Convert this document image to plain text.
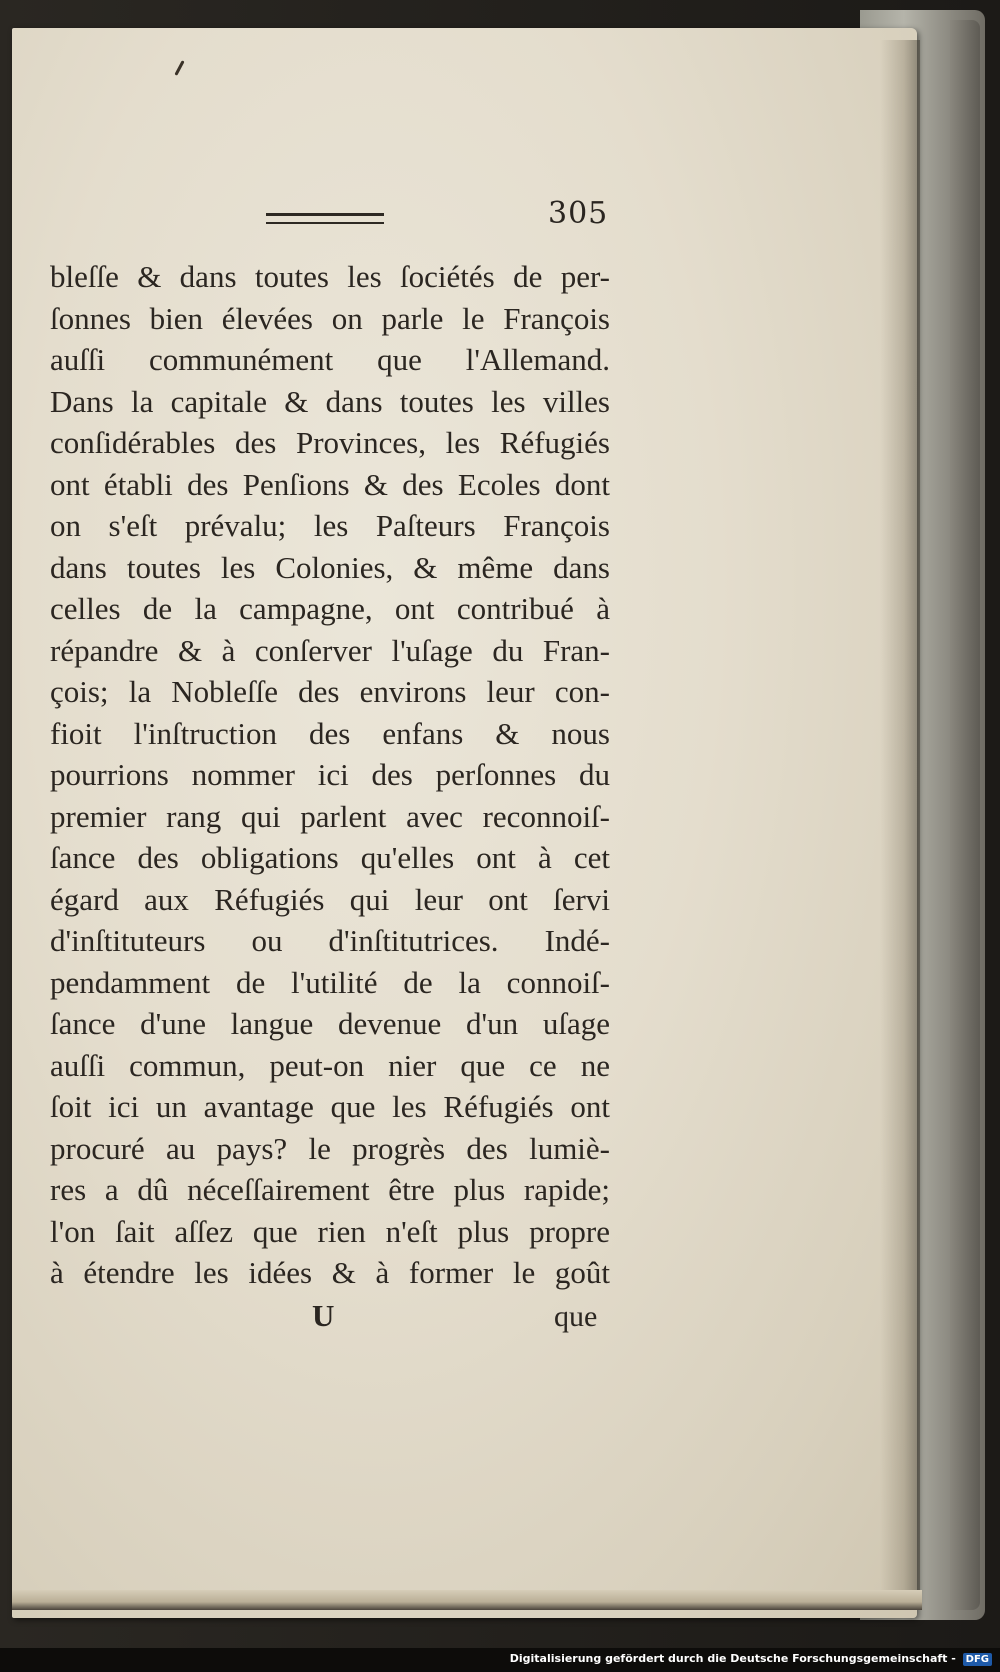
305
bleſſe & dans toutes les ſociétés de per-
ſonnes bien élevées on parle le François
auſſi communément que l'Allemand.
Dans la capitale & dans toutes les villes
conſidérables des Provinces, les Réfugiés
ont établi des Penſions & des Ecoles dont
on s'eſt prévalu; les Paſteurs François
dans toutes les Colonies, & même dans
celles de la campagne, ont contribué à
répandre & à conſerver l'uſage du Fran-
çois; la Nobleſſe des environs leur con-
fioit l'inſtruction des enfans & nous
pourrions nommer ici des perſonnes du
premier rang qui parlent avec reconnoiſ-
ſance des obligations qu'elles ont à cet
égard aux Réfugiés qui leur ont ſervi
d'inſtituteurs ou d'inſtitutrices. Indé-
pendamment de l'utilité de la connoiſ-
ſance d'une langue devenue d'un uſage
auſſi commun, peut-on nier que ce ne
ſoit ici un avantage que les Réfugiés ont
procuré au pays? le progrès des lumiè-
res a dû néceſſairement être plus rapide;
l'on ſait aſſez que rien n'eſt plus propre
à étendre les idées & à former le goût
U	que
Digitalisierung gefördert durch die Deutsche Forschungsgemeinschaft - DFG
